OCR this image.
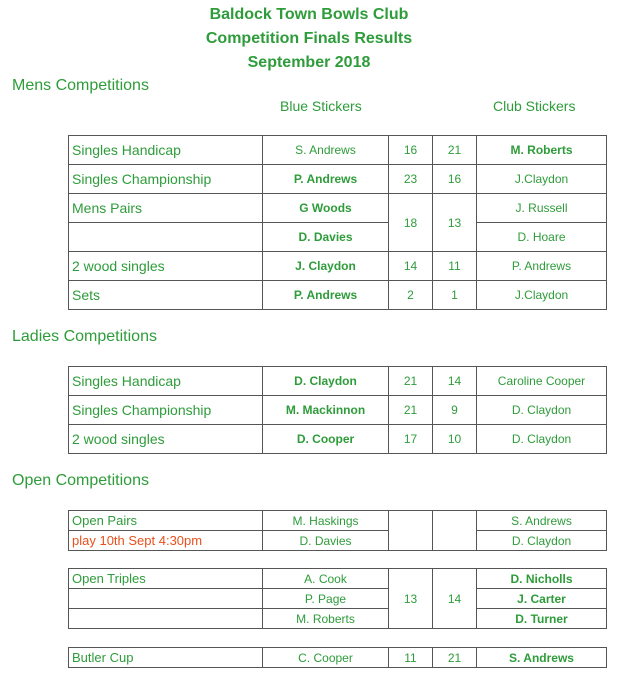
Baldock Town Bowls Club
Competition Finals Results
September 2018
Mens Competitions
Blue Stickers	Club Stickers
Singles Handicap	S. Andrews	16	21	M. Roberts
Singles Championship	P. Andrews	23	16	J.Claydon
Mens Pairs	G Woods	18	13	J. Russell
	D. Davies			D. Hoare
2 wood singles	J. Claydon	14	11	P. Andrews
Sets	P. Andrews	2	1	J.Claydon
Ladies Competitions
Singles Handicap	D. Claydon	21	14	Caroline Cooper
Singles Championship	M. Mackinnon	21	9	D. Claydon
2 wood singles	D. Cooper	17	10	D. Claydon
Open Competitions
Open Pairs	M. Haskings			S. Andrews
play 10th Sept 4:30pm	D. Davies			D. Claydon
Open Triples	A. Cook	13	14	D. Nicholls
	P. Page			J. Carter
	M. Roberts			D. Turner
Butler Cup	C. Cooper	11	21	S. Andrews
